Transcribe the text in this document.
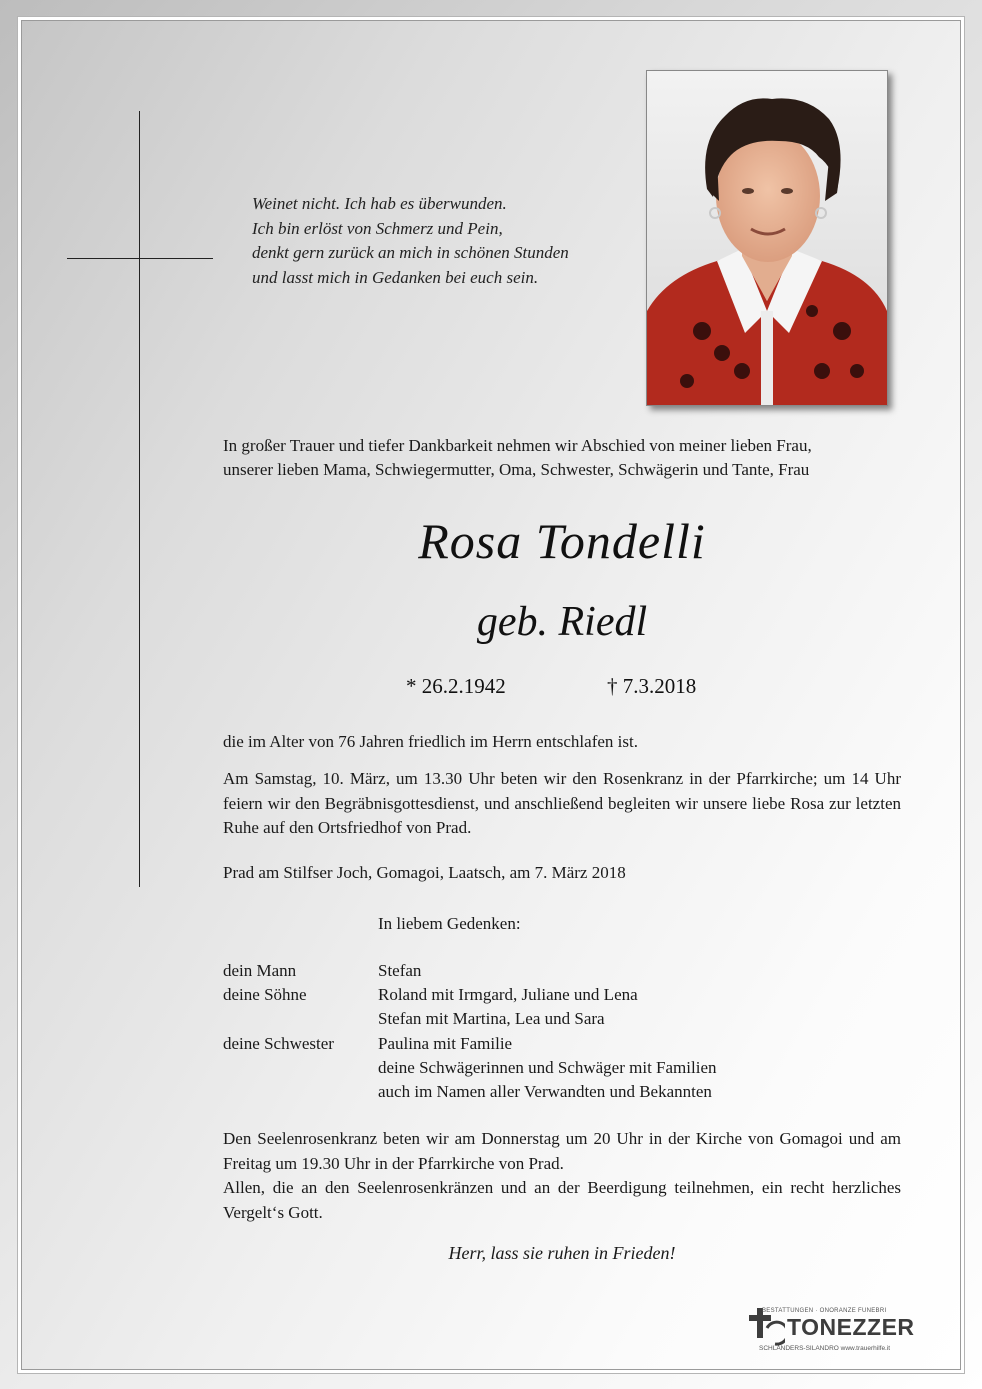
Weinet nicht. Ich hab es überwunden.
Ich bin erlöst von Schmerz und Pein,
denkt gern zurück an mich in schönen Stunden
und lasst mich in Gedanken bei euch sein.
In großer Trauer und tiefer Dankbarkeit nehmen wir Abschied von meiner lieben Frau,
unserer lieben Mama, Schwiegermutter, Oma, Schwester, Schwägerin und Tante, Frau
Rosa Tondelli
geb. Riedl
* 26.2.1942	† 7.3.2018
die im Alter von 76 Jahren friedlich im Herrn entschlafen ist.
Am Samstag, 10. März, um 13.30 Uhr beten wir den Rosenkranz in der Pfarrkirche; um 14 Uhr feiern wir den Begräbnisgottesdienst, und anschließend begleiten wir unsere liebe Rosa zur letzten Ruhe auf den Ortsfriedhof von Prad.
Prad am Stilfser Joch, Gomagoi, Laatsch, am 7. März 2018
In liebem Gedenken:
dein Mann	Stefan
deine Söhne	Roland mit Irmgard, Juliane und Lena
Stefan mit Martina, Lea und Sara
deine Schwester	Paulina mit Familie
deine Schwägerinnen und Schwäger mit Familien
auch im Namen aller Verwandten und Bekannten
Den Seelenrosenkranz beten wir am Donnerstag um 20 Uhr in der Kirche von Gomagoi und am Freitag um 19.30 Uhr in der Pfarrkirche von Prad.
Allen, die an den Seelenrosenkränzen und an der Beerdigung teilnehmen, ein recht herzliches Vergelt‘s Gott.
Herr, lass sie ruhen in Frieden!
BESTATTUNGEN · ONORANZE FUNEBRI
TONEZZER
SCHLANDERS-SILANDRO www.trauerhilfe.it
